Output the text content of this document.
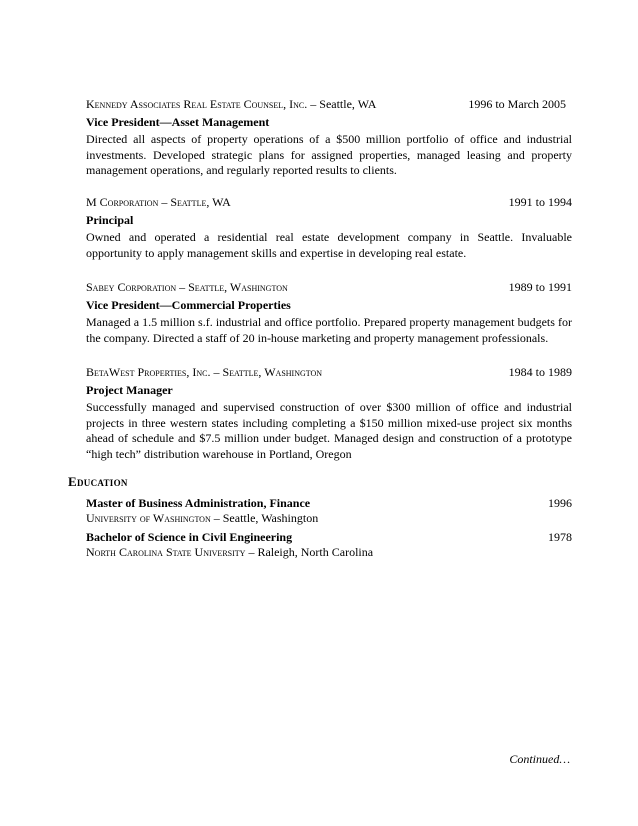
Kennedy Associates Real Estate Counsel, Inc. – Seattle, WA	1996 to March 2005
Vice President—Asset Management
Directed all aspects of property operations of a $500 million portfolio of office and industrial investments. Developed strategic plans for assigned properties, managed leasing and property management operations, and regularly reported results to clients.
M Corporation – Seattle, WA	1991 to 1994
Principal
Owned and operated a residential real estate development company in Seattle. Invaluable opportunity to apply management skills and expertise in developing real estate.
Sabey Corporation – Seattle, Washington	1989 to 1991
Vice President—Commercial Properties
Managed a 1.5 million s.f. industrial and office portfolio. Prepared property management budgets for the company. Directed a staff of 20 in-house marketing and property management professionals.
BetaWest Properties, Inc. – Seattle, Washington	1984 to 1989
Project Manager
Successfully managed and supervised construction of over $300 million of office and industrial projects in three western states including completing a $150 million mixed-use project six months ahead of schedule and $7.5 million under budget. Managed design and construction of a prototype “high tech” distribution warehouse in Portland, Oregon
Education
Master of Business Administration, Finance	1996
University of Washington – Seattle, Washington
Bachelor of Science in Civil Engineering	1978
North Carolina State University – Raleigh, North Carolina
Continued…
